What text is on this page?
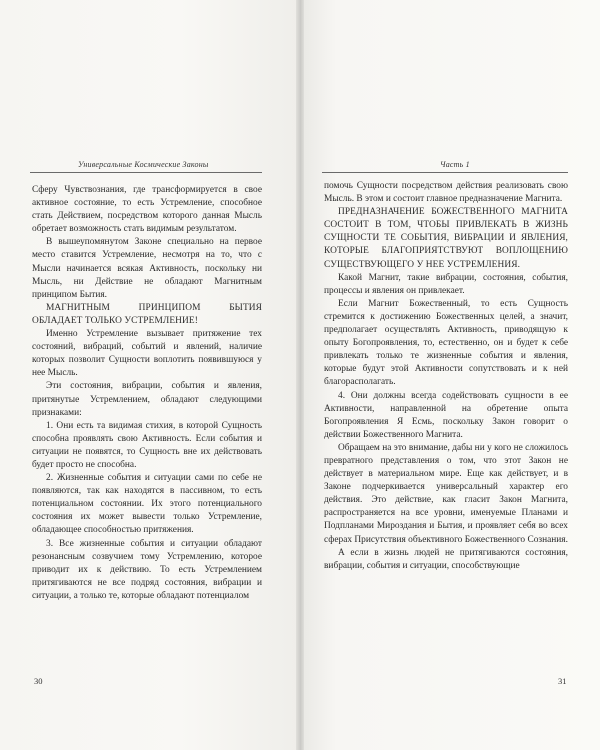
Универсальные Космические Законы

Сферу Чувствознания, где трансформируется в свое активное состояние, то есть Устремление, способное стать Действием, посредством которого данная Мысль обретает возможность стать видимым результатом.

В вышеупомянутом Законе специально на первое место ставится Устремление, несмотря на то, что с Мысли начинается всякая Активность, поскольку ни Мысль, ни Действие не обладают Магнитным принципом Бытия.

МАГНИТНЫМ ПРИНЦИПОМ БЫТИЯ ОБЛАДАЕТ ТОЛЬКО УСТРЕМЛЕНИЕ!

Именно Устремление вызывает притяжение тех состояний, вибраций, событий и явлений, наличие которых позволит Сущности воплотить появившуюся у нее Мысль.

Эти состояния, вибрации, события и явления, притянутые Устремлением, обладают следующими признаками:

1. Они есть та видимая стихия, в которой Сущность способна проявлять свою Активность. Если события и ситуации не появятся, то Сущность вне их действовать будет просто не способна.

2. Жизненные события и ситуации сами по себе не появляются, так как находятся в пассивном, то есть потенциальном состоянии. Их этого потенциального состояния их может вывести только Устремление, обладающее способностью притяжения.

3. Все жизненные события и ситуации обладают резонансным созвучием тому Устремлению, которое приводит их к действию. То есть Устремлением притягиваются не все подряд состояния, вибрации и ситуации, а только те, которые обладают потенциалом

30
Часть 1

помочь Сущности посредством действия реализовать свою Мысль. В этом и состоит главное предназначение Магнита.

ПРЕДНАЗНАЧЕНИЕ БОЖЕСТВЕННОГО МАГНИТА СОСТОИТ В ТОМ, ЧТОБЫ ПРИВЛЕКАТЬ В ЖИЗНЬ СУЩНОСТИ ТЕ СОБЫТИЯ, ВИБРАЦИИ И ЯВЛЕНИЯ, КОТОРЫЕ БЛАГОПРИЯТСТВУЮТ ВОПЛОЩЕНИЮ СУЩЕСТВУЮЩЕГО У НЕЕ УСТРЕМЛЕНИЯ.

Какой Магнит, такие вибрации, состояния, события, процессы и явления он привлекает.

Если Магнит Божественный, то есть Сущность стремится к достижению Божественных целей, а значит, предполагает осуществлять Активность, приводящую к опыту Богопроявления, то, естественно, он и будет к себе привлекать только те жизненные события и явления, которые будут этой Активности сопутствовать и к ней благорасполагать.

4. Они должны всегда содействовать сущности в ее Активности, направленной на обретение опыта Богопроявления Я Есмь, поскольку Закон говорит о действии Божественного Магнита.

Обращаем на это внимание, дабы ни у кого не сложилось превратного представления о том, что этот Закон не действует в материальном мире. Еще как действует, и в Законе подчеркивается универсальный характер его действия. Это действие, как гласит Закон Магнита, распространяется на все уровни, именуемые Планами и Подпланами Мироздания и Бытия, и проявляет себя во всех сферах Присутствия объективного Божественного Сознания.

А если в жизнь людей не притягиваются состояния, вибрации, события и ситуации, способствующие

31
